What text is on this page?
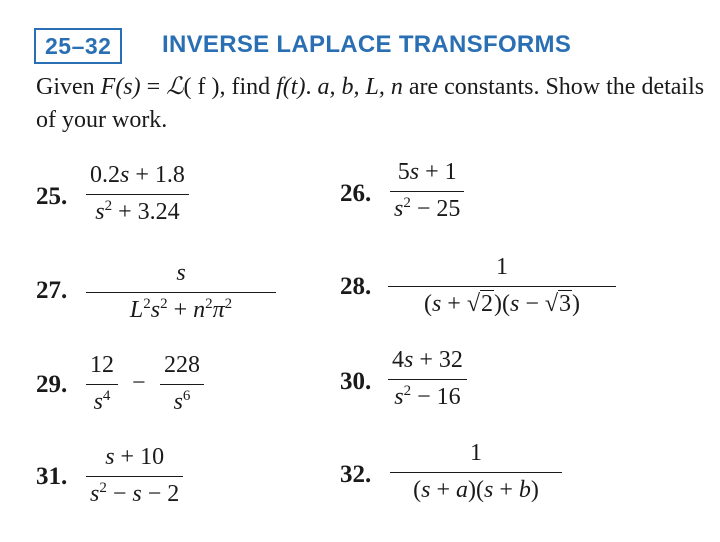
25–32	INVERSE LAPLACE TRANSFORMS
Given F(s) = ℒ( f ), find f(t). a, b, L, n are constants. Show the details of your work.
25.
0.2s + 1.8
$s^2 + 3.24$
26.
5s + 1
$s^2 - 25$
27.
s
$L^2s^2 + n^2\pi^2$
28.
1
(s + √2)(s − √3)
29.
12
$s^4$ −
228
$s^6$
30.
4s + 32
$s^2 - 16$
31.
s + 10
$s^2 - s - 2$
32.
1
(s + a)(s + b)
